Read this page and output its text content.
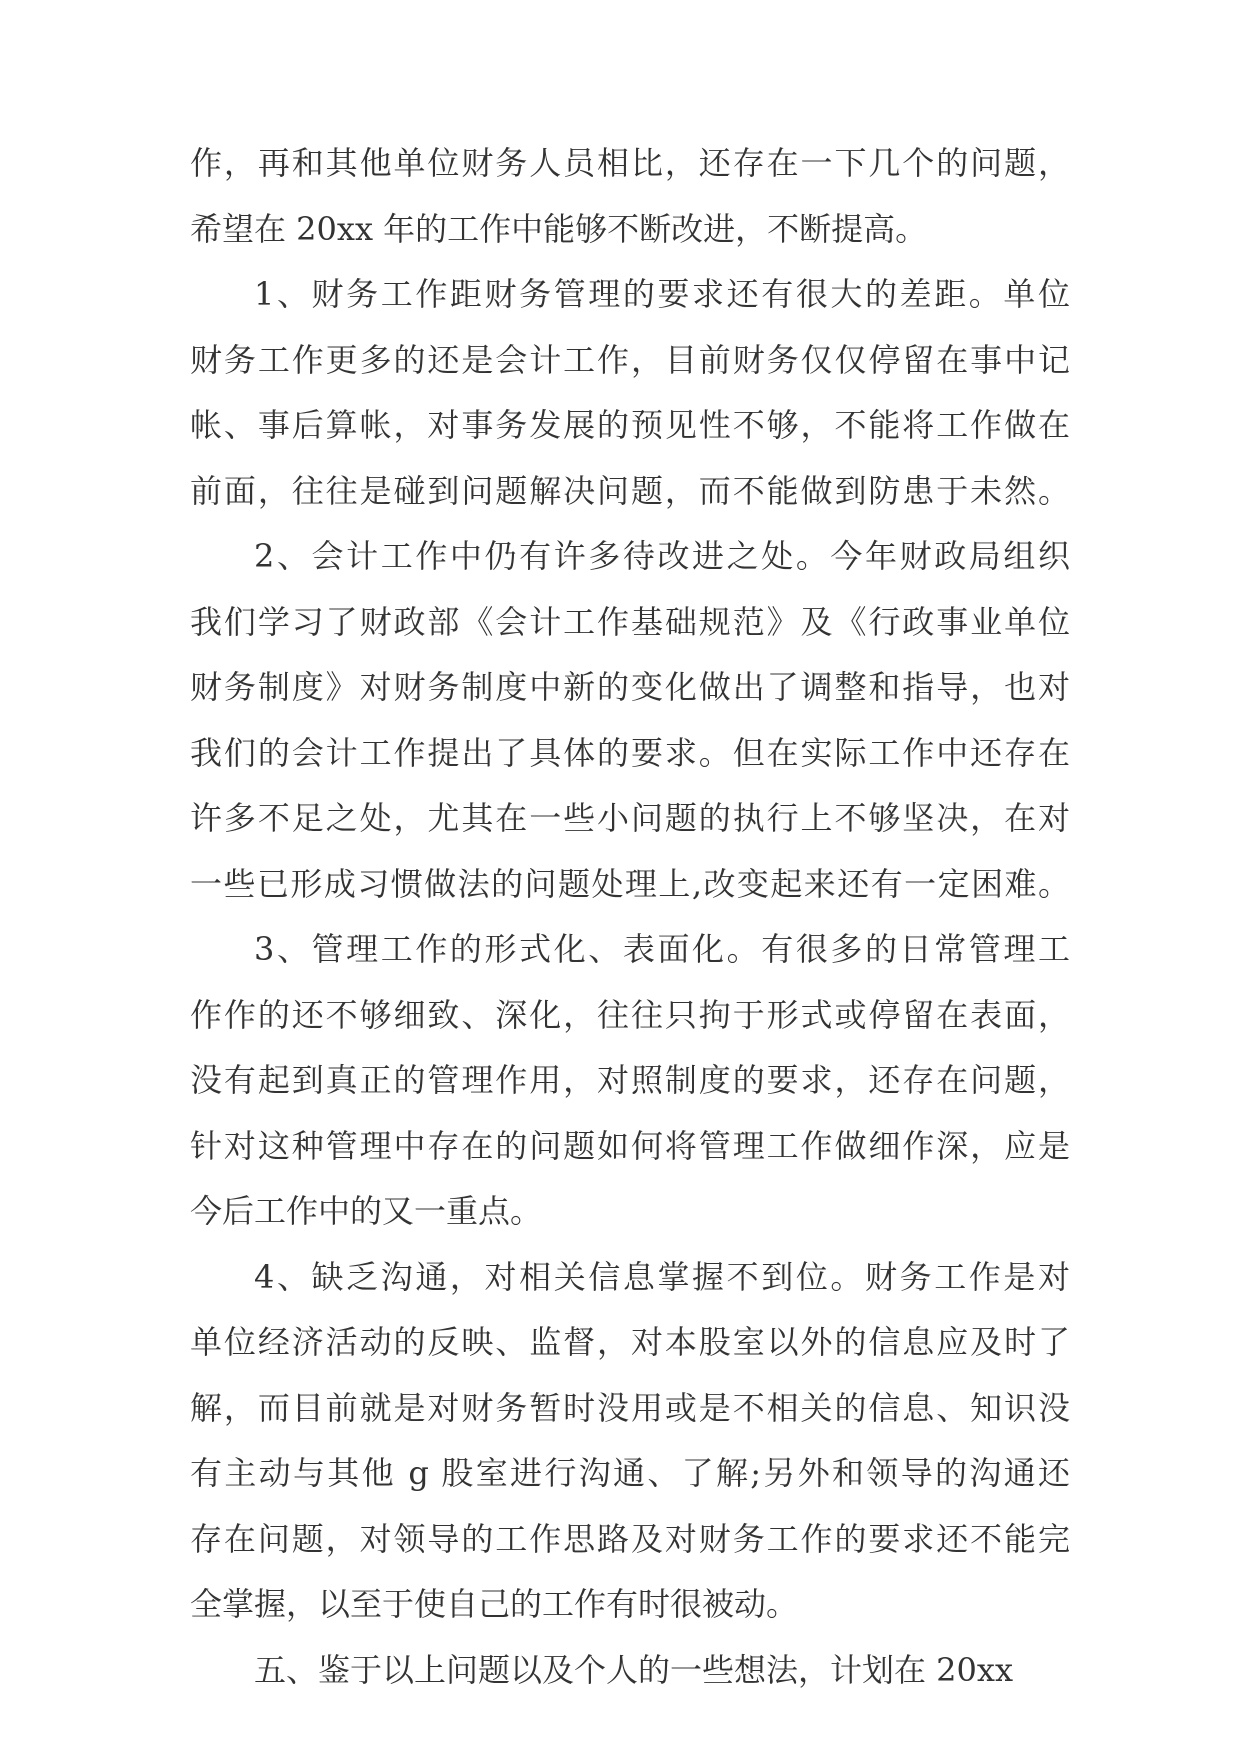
作，再和其他单位财务人员相比，还存在一下几个的问题，
希望在 20xx 年的工作中能够不断改进，不断提高。
1、财务工作距财务管理的要求还有很大的差距。单位
财务工作更多的还是会计工作，目前财务仅仅停留在事中记
帐、事后算帐，对事务发展的预见性不够，不能将工作做在
前面，往往是碰到问题解决问题，而不能做到防患于未然。
2、会计工作中仍有许多待改进之处。今年财政局组织
我们学习了财政部《会计工作基础规范》及《行政事业单位
财务制度》对财务制度中新的变化做出了调整和指导，也对
我们的会计工作提出了具体的要求。但在实际工作中还存在
许多不足之处，尤其在一些小问题的执行上不够坚决，在对
一些已形成习惯做法的问题处理上,改变起来还有一定困难。
3、管理工作的形式化、表面化。有很多的日常管理工
作作的还不够细致、深化，往往只拘于形式或停留在表面，
没有起到真正的管理作用，对照制度的要求，还存在问题，
针对这种管理中存在的问题如何将管理工作做细作深，应是
今后工作中的又一重点。
4、缺乏沟通，对相关信息掌握不到位。财务工作是对
单位经济活动的反映、监督，对本股室以外的信息应及时了
解，而目前就是对财务暂时没用或是不相关的信息、知识没
有主动与其他 g 股室进行沟通、了解;另外和领导的沟通还
存在问题，对领导的工作思路及对财务工作的要求还不能完
全掌握，以至于使自己的工作有时很被动。
五、鉴于以上问题以及个人的一些想法，计划在 20xx
